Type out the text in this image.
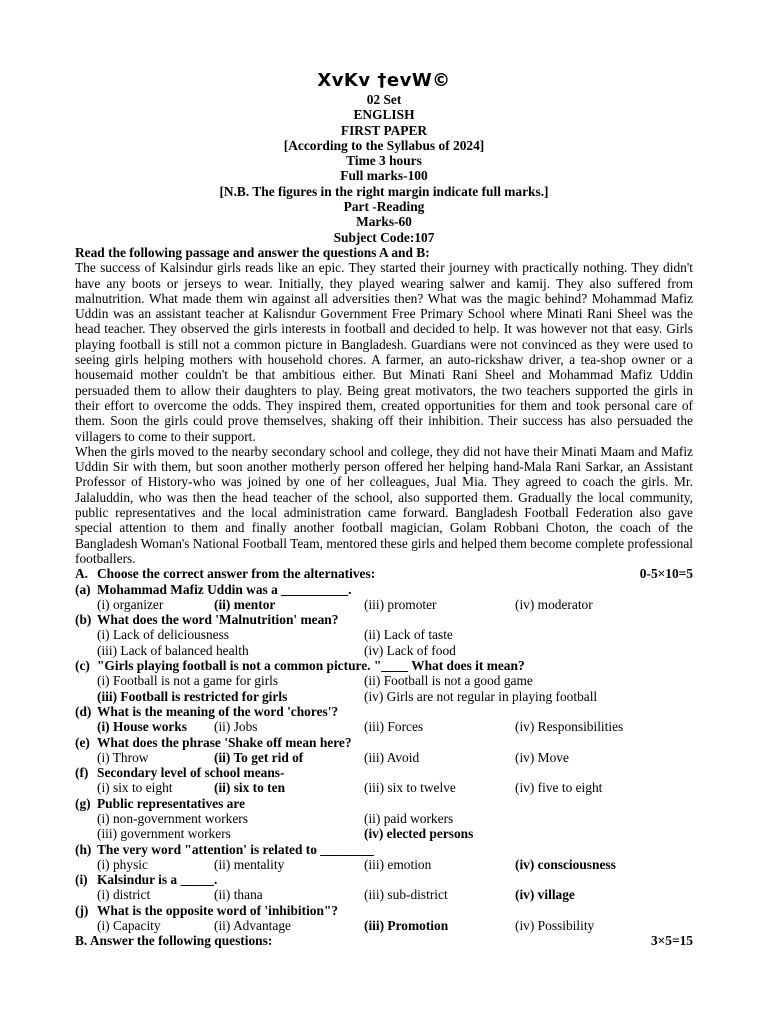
XvKv †evW©
02 Set
ENGLISH
FIRST PAPER
[According to the Syllabus of 2024]
Time 3 hours
Full marks-100
[N.B. The figures in the right margin indicate full marks.]
Part -Reading
Marks-60
Subject Code:107
Read the following passage and answer the questions A and B:

The success of Kalsindur girls reads like an epic. They started their journey with practically nothing. They didn't have any boots or jerseys to wear. Initially, they played wearing salwer and kamij. They also suffered from malnutrition. What made them win against all adversities then? What was the magic behind? Mohammad Mafiz Uddin was an assistant teacher at Kalisndur Government Free Primary School where Minati Rani Sheel was the head teacher. They observed the girls interests in football and decided to help. It was however not that easy. Girls playing football is still not a common picture in Bangladesh. Guardians were not convinced as they were used to seeing girls helping mothers with household chores. A farmer, an auto-rickshaw driver, a tea-shop owner or a housemaid mother couldn't be that ambitious either. But Minati Rani Sheel and Mohammad Mafiz Uddin persuaded them to allow their daughters to play. Being great motivators, the two teachers supported the girls in their effort to overcome the odds. They inspired them, created opportunities for them and took personal care of them. Soon the girls could prove themselves, shaking off their inhibition. Their success has also persuaded the villagers to come to their support.

When the girls moved to the nearby secondary school and college, they did not have their Minati Maam and Mafiz Uddin Sir with them, but soon another motherly person offered her helping hand-Mala Rani Sarkar, an Assistant Professor of History-who was joined by one of her colleagues, Jual Mia. They agreed to coach the girls. Mr. Jalaluddin, who was then the head teacher of the school, also supported them. Gradually the local community, public representatives and the local administration came forward. Bangladesh Football Federation also gave special attention to them and finally another football magician, Golam Robbani Choton, the coach of the Bangladesh Woman's National Football Team, mentored these girls and helped them become complete professional footballers.

A. Choose the correct answer from the alternatives:	0-5×10=5
(a) Mohammad Mafiz Uddin was a __________.
(i) organizer	(ii) mentor	(iii) promoter	(iv) moderator
(b) What does the word 'Malnutrition' mean?
(i) Lack of deliciousness	(ii) Lack of taste
(iii) Lack of balanced health	(iv) Lack of food
(c) "Girls playing football is not a common picture. "____ What does it mean?
(i) Football is not a game for girls	(ii) Football is not a good game
(iii) Football is restricted for girls	(iv) Girls are not regular in playing football
(d) What is the meaning of the word 'chores'?
(i) House works (ii) Jobs	(iii) Forces	(iv) Responsibilities
(e) What does the phrase 'Shake off mean here?
(i) Throw	(ii) To get rid of	(iii) Avoid	(iv) Move
(f) Secondary level of school means-
(i) six to eight	(ii) six to ten	(iii) six to twelve	(iv) five to eight
(g) Public representatives are
(i) non-government workers	(ii) paid workers
(iii) government workers	(iv) elected persons
(h) The very word "attention' is related to ________
(i) physic	(ii) mentality	(iii) emotion	(iv) consciousness
(i) Kalsindur is a _____.
(i) district	(ii) thana	(iii) sub-district	(iv) village
(j) What is the opposite word of 'inhibition"?
(i) Capacity	(ii) Advantage	(iii) Promotion	(iv) Possibility
B. Answer the following questions:	3×5=15
